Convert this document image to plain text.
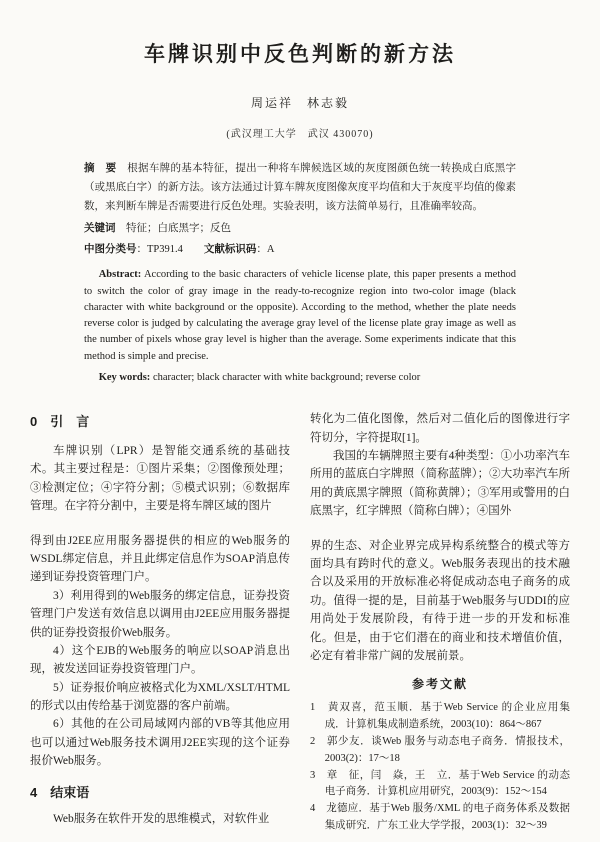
车牌识别中反色判断的新方法
周运祥　林志毅
(武汉理工大学　武汉 430070)
摘　要　根据车牌的基本特征，提出一种将车牌候选区域的灰度图颜色统一转换成白底黑字（或黑底白字）的新方法。该方法通过计算车牌灰度图像灰度平均值和大于灰度平均值的像素数，来判断车牌是否需要进行反色处理。实验表明，该方法简单易行，且准确率较高。
关键词　特征；白底黑字；反色
中图分类号：TP391.4　　文献标识码：A
Abstract: According to the basic characters of vehicle license plate, this paper presents a method to switch the color of gray image in the ready-to-recognize region into two-color image (black character with white background or the opposite). According to the method, whether the plate needs reverse color is judged by calculating the average gray level of the license plate gray image as well as the number of pixels whose gray level is higher than the average. Some experiments indicate that this method is simple and precise.
Key words: character; black character with white background; reverse color
0　引　言

车牌识别（LPR）是智能交通系统的基础技术。其主要过程是：①图片采集；②图像预处理；③检测定位；④字符分割；⑤模式识别；⑥数据库管理。在字符分割中，主要是将车牌区域的图片

得到由J2EE应用服务器提供的相应的Web服务的WSDL绑定信息，并且此绑定信息作为SOAP消息传递到证券投资管理门户。

3）利用得到的Web服务的绑定信息，证券投资管理门户发送有效信息以调用由J2EE应用服务器提供的证券投资报价Web服务。

4）这个EJB的Web服务的响应以SOAP消息出现，被发送回证券投资管理门户。

5）证券报价响应被格式化为XML/XSLT/HTML的形式以由传给基于浏览器的客户前端。

6）其他的在公司局域网内部的VB等其他应用也可以通过Web服务技术调用J2EE实现的这个证券报价Web服务。

4　结束语

Web服务在软件开发的思维模式，对软件业

转化为二值化图像，然后对二值化后的图像进行字符切分，字符提取[1]。

我国的车辆牌照主要有4种类型：①小功率汽车所用的蓝底白字牌照（简称蓝牌）；②大功率汽车所用的黄底黑字牌照（简称黄牌）；③军用或警用的白底黑字，红字牌照（简称白牌）；④国外

界的生态、对企业界完成异构系统整合的模式等方面均具有跨时代的意义。Web服务表现出的技术融合以及采用的开放标准必将促成动态电子商务的成功。值得一提的是，目前基于Web服务与UDDI的应用尚处于发展阶段，有待于进一步的开发和标准化。但是，由于它们潜在的商业和技术增值价值，必定有着非常广阔的发展前景。

参考文献
1　黄双喜，范玉顺．基于Web Service 的企业应用集成．计算机集成制造系统，2003(10)：864～867
2　郭少友．谈Web 服务与动态电子商务．情报技术，2003(2)：17～18
3　章　征，闫　焱，王　立．基于Web Service 的动态电子商务．计算机应用研究，2003(9)：152～154
4　龙德应．基于Web 服务/XML 的电子商务体系及数据集成研究．广东工业大学学报，2003(1)：32～39
